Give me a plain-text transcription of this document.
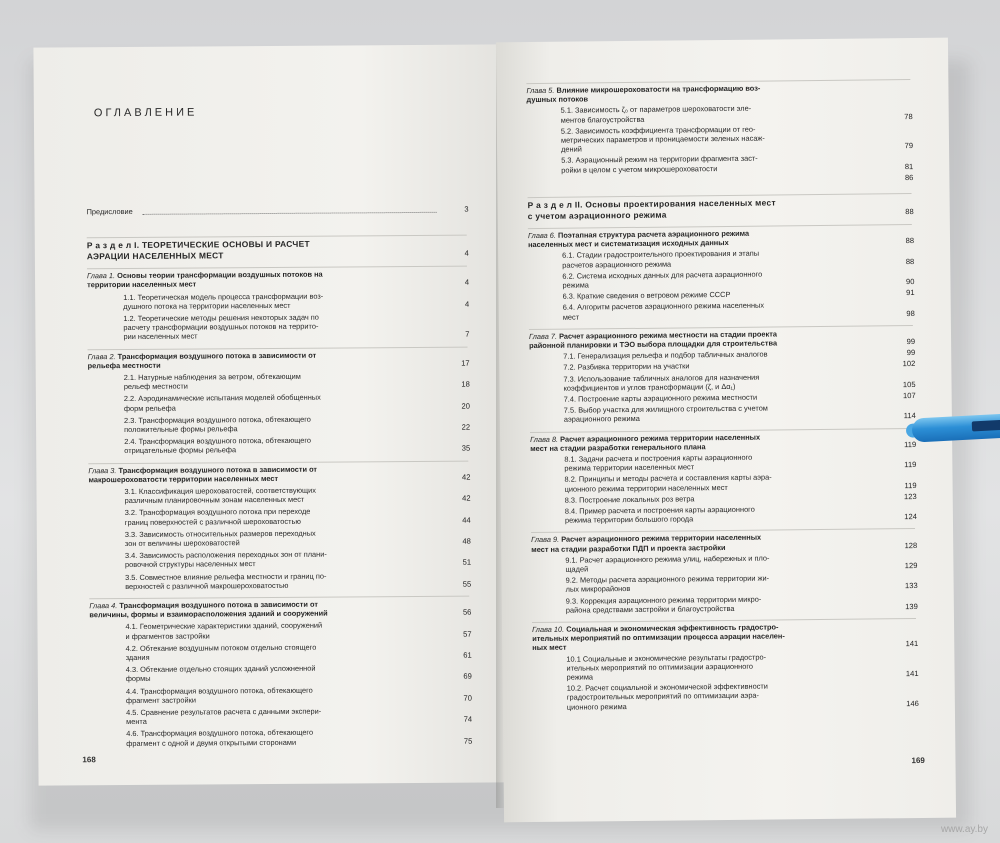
ОГЛАВЛЕНИЕ
Предисловие	3
Р а з д е л I. ТЕОРЕТИЧЕСКИЕ ОСНОВЫ И РАСЧЕТ
АЭРАЦИИ НАСЕЛЕННЫХ МЕСТ	4
Глава 1. Основы теории трансформации воздушных потоков на
территории населенных мест	4
1.1. Теоретическая модель процесса трансформации воз-
душного потока на территории населенных мест	4
1.2. Теоретические методы решения некоторых задач по
расчету трансформации воздушных потоков на террито-
рии населенных мест	7
Глава 2. Трансформация воздушного потока в зависимости от
рельефа местности	17
2.1. Натурные наблюдения за ветром, обтекающим
рельеф местности	18
2.2. Аэродинамические испытания моделей обобщенных
форм рельефа	20
2.3. Трансформация воздушного потока, обтекающего
положительные формы рельефа	22
2.4. Трансформация воздушного потока, обтекающего
отрицательные формы рельефа	35
Глава 3. Трансформация воздушного потока в зависимости от
макрошероховатости территории населенных мест	42
3.1. Классификация шероховатостей, соответствующих
различным планировочным зонам населенных мест	42
3.2. Трансформация воздушного потока при переходе
границ поверхностей с различной шероховатостью	44
3.3. Зависимость относительных размеров переходных
зон от величины шероховатостей	48
3.4. Зависимость расположения переходных зон от плани-
ровочной структуры населенных мест	51
3.5. Совместное влияние рельефа местности и границ по-
верхностей с различной макрошероховатостью	55
Глава 4. Трансформация воздушного потока в зависимости от
величины, формы и взаиморасположения зданий и сооружений	56
4.1. Геометрические характеристики зданий, сооружений
и фрагментов застройки	57
4.2. Обтекание воздушным потоком отдельно стоящего
здания	61
4.3. Обтекание отдельно стоящих зданий усложненной
формы	69
4.4. Трансформация воздушного потока, обтекающего
фрагмент застройки	70
4.5. Сравнение результатов расчета с данными экспери-
мента	74
4.6. Трансформация воздушного потока, обтекающего
фрагмент с одной и двумя открытыми сторонами	75
168
Глава 5. Влияние микрошероховатости на трансформацию воз-
душных потоков
5.1. Зависимость ζ₀ от параметров шероховатости эле-
ментов благоустройства	78
5.2. Зависимость коэффициента трансформации от гео-
метрических параметров и проницаемости зеленых насаж-
дений	79
5.3. Аэрационный режим на территории фрагмента заст-
ройки в целом с учетом микрошероховатости	81
86
Р а з д е л II. Основы проектирования населенных мест
с учетом аэрационного режима	88
Глава 6. Поэтапная структура расчета аэрационного режима
населенных мест и систематизация исходных данных	88
6.1. Стадии градостроительного проектирования и этапы
расчетов аэрационного режима	88
6.2. Система исходных данных для расчета аэрационного
режима	90
6.3. Краткие сведения о ветровом режиме СССР	91
6.4. Алгоритм расчетов аэрационного режима населенных
мест	98
Глава 7. Расчет аэрационного режима местности на стадии проекта
районной планировки и ТЭО выбора площадки для строительства	99
7.1. Генерализация рельефа и подбор табличных аналогов	99
7.2. Разбивка территории на участки	102
7.3. Использование табличных аналогов для назначения
коэффициентов и углов трансформации (ζ, и Δα₁)	105
7.4. Построение карты аэрационного режима местности	107
7.5. Выбор участка для жилищного строительства с учетом
аэрационного режима	114
Глава 8. Расчет аэрационного режима территории населенных
мест на стадии разработки генерального плана	119
8.1. Задачи расчета и построения карты аэрационного
режима территории населенных мест	119
8.2. Принципы и методы расчета и составления карты аэра-
ционного режима территории населенных мест	119
8.3. Построение локальных роз ветра	123
8.4. Пример расчета и построения карты аэрационного
режима территории большого города	124
Глава 9. Расчет аэрационного режима территории населенных
мест на стадии разработки ПДП и проекта застройки	128
9.1. Расчет аэрационного режима улиц, набережных и пло-
щадей	129
9.2. Методы расчета аэрационного режима территории жи-
лых микрорайонов	133
9.3. Коррекция аэрационного режима территории микро-
района средствами застройки и благоустройства	139
Глава 10. Социальная и экономическая эффективность градостро-
ительных мероприятий по оптимизации процесса аэрации населен-
ных мест	141
10.1 Социальные и экономические результаты градостро-
ительных мероприятий по оптимизации аэрационного
режима	141
10.2. Расчет социальной и экономической эффективности
градостроительных мероприятий по оптимизации аэра-
ционного режима	146
169
www.ay.by
